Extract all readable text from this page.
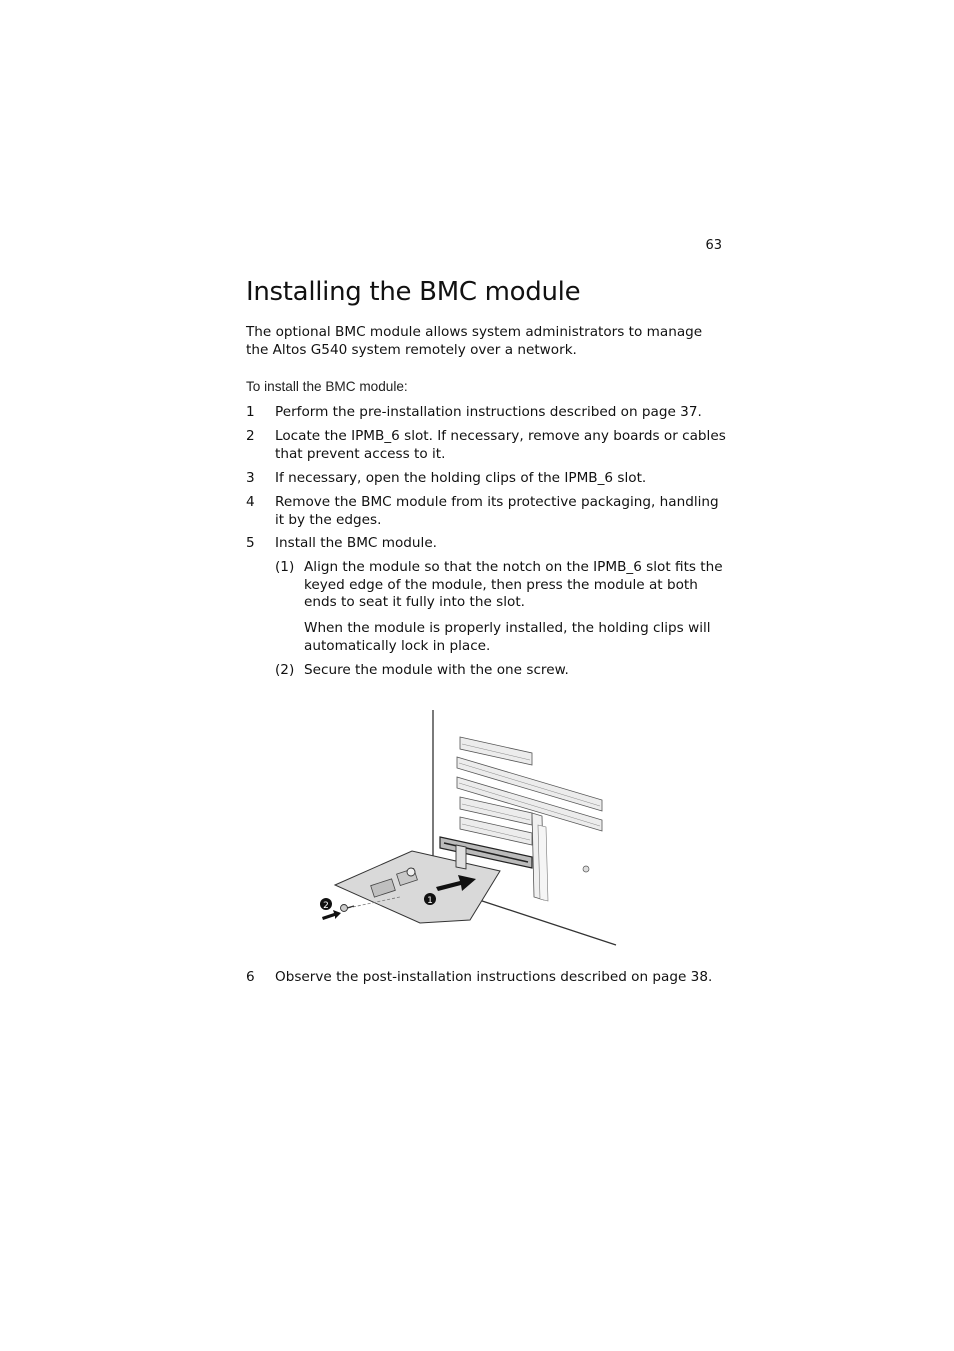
63
Installing the BMC module

The optional BMC module allows system administrators to manage the Altos G540 system remotely over a network.

To install the BMC module:

1 Perform the pre-installation instructions described on page 37.
2 Locate the IPMB_6 slot. If necessary, remove any boards or cables that prevent access to it.
3 If necessary, open the holding clips of the IPMB_6 slot.
4 Remove the BMC module from its protective packaging, handling it by the edges.
5 Install the BMC module.
(1) Align the module so that the notch on the IPMB_6 slot fits the keyed edge of the module, then press the module at both ends to seat it fully into the slot.

When the module is properly installed, the holding clips will automatically lock in place.

(2) Secure the module with the one screw.
1
2
6 Observe the post-installation instructions described on page 38.
